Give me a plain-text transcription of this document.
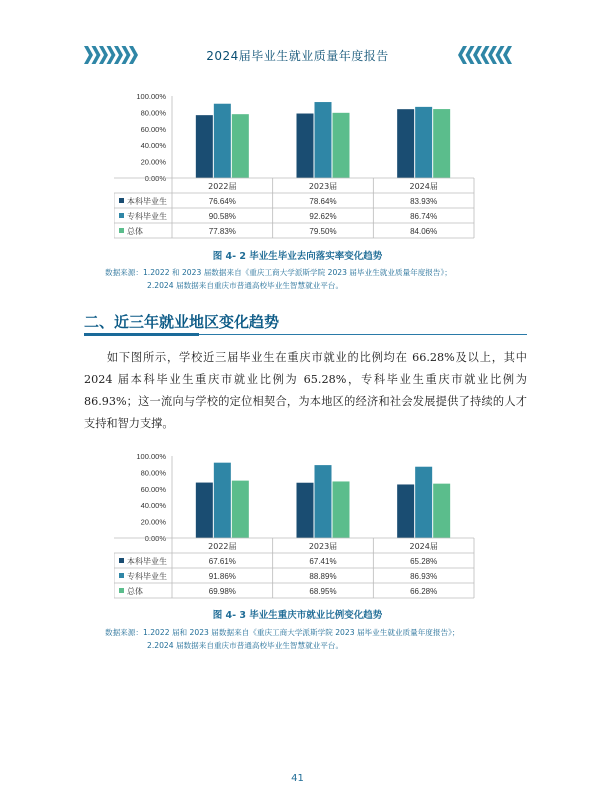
2024届毕业生就业质量年度报告
0.00%
20.00%
40.00%
60.00%
80.00%
100.00%
2022届	2023届	2024届
本科毕业生	76.64%	78.64%	83.93%
专科毕业生	90.58%	92.62%	86.74%
总体	77.83%	79.50%	84.06%
图 4- 2 毕业生毕业去向落实率变化趋势
数据来源：1.2022 和 2023 届数据来自《重庆工商大学派斯学院 2023 届毕业生就业质量年度报告》；
2.2024 届数据来自重庆市普通高校毕业生智慧就业平台。
二、近三年就业地区变化趋势
如下图所示，学校近三届毕业生在重庆市就业的比例均在 66.28%及以上，其中 2024 届本科毕业生重庆市就业比例为 65.28%，专科毕业生重庆市就业比例为 86.93%；这一流向与学校的定位相契合，为本地区的经济和社会发展提供了持续的人才支持和智力支撑。
0.00%
20.00%
40.00%
60.00%
80.00%
100.00%
2022届	2023届	2024届
本科毕业生	67.61%	67.41%	65.28%
专科毕业生	91.86%	88.89%	86.93%
总体	69.98%	68.95%	66.28%
图 4- 3 毕业生重庆市就业比例变化趋势
数据来源：1.2022 届和 2023 届数据来自《重庆工商大学派斯学院 2023 届毕业生就业质量年度报告》；
2.2024 届数据来自重庆市普通高校毕业生智慧就业平台。
41
